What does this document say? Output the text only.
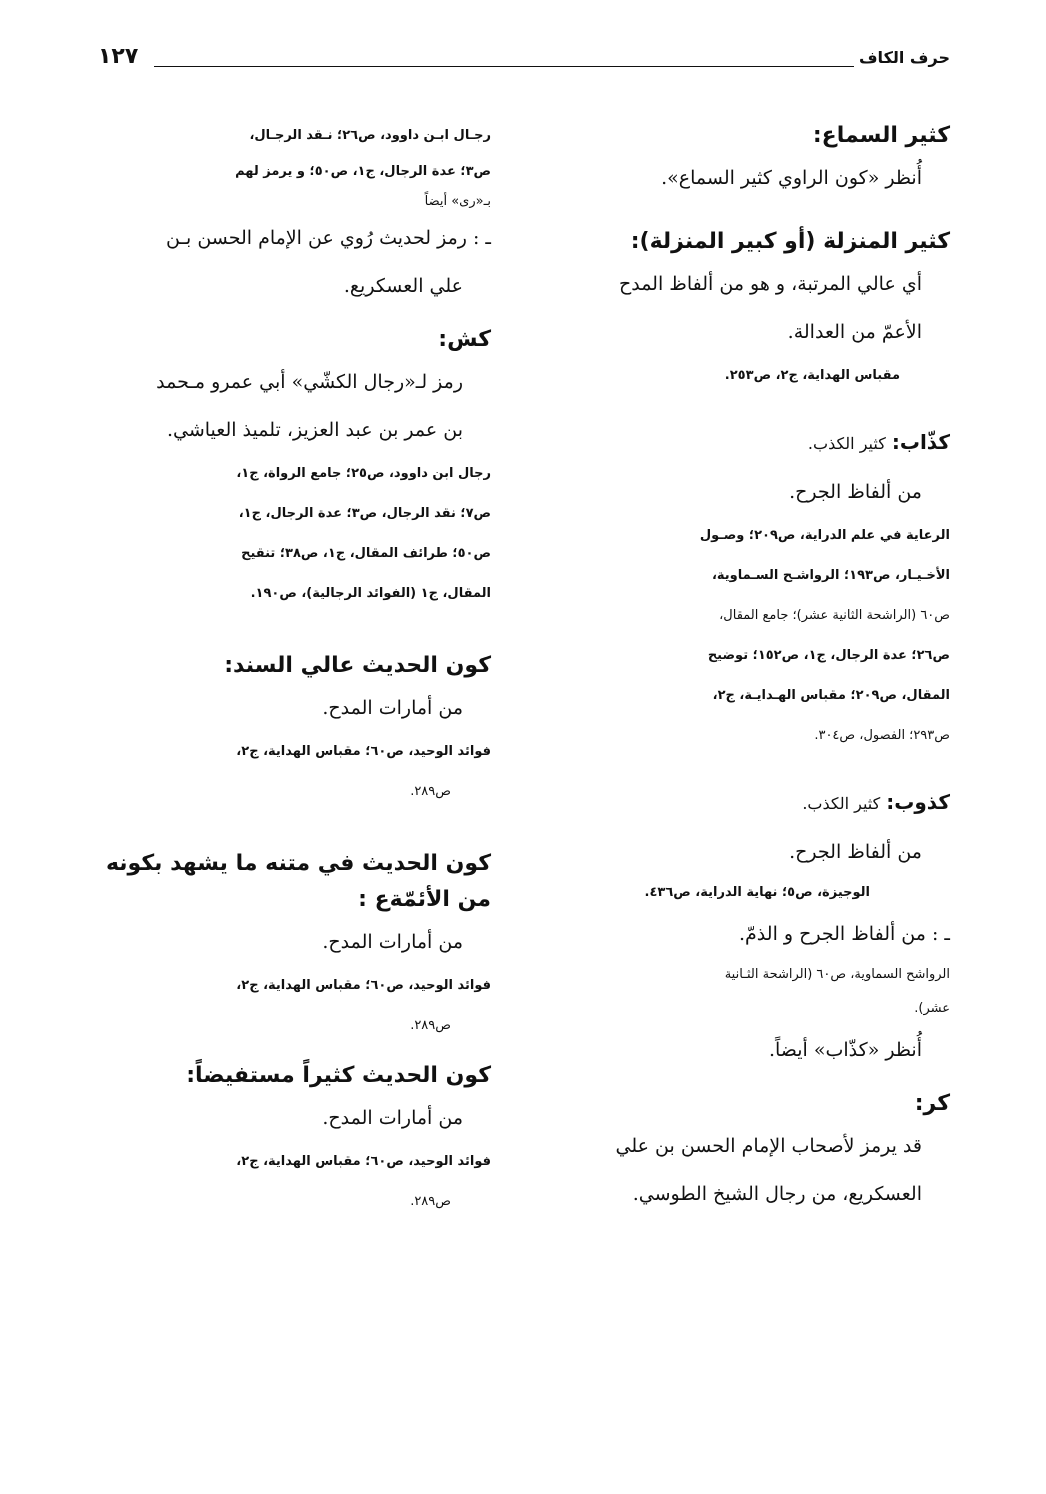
حرف الكاف
١٢٧

كثير السماع:

أُنظر «كون الراوي كثير السماع».

كثير المنزلة (أو كبير المنزلة):

أي عالي المرتبة، و هو من ألفاظ المدح

الأعمّ من العدالة.

مقباس الهداية، ج٢، ص٢٥٣.

كذّاب: كثير الكذب.

من ألفاظ الجرح.

الرعاية في علم الدراية، ص٢٠٩؛ وصـول

الأخـيـار، ص١٩٣؛ الرواشـح السـماوية،

ص٦٠ (الراشحة الثانية عشر)؛ جامع المقال،

ص٢٦؛ عدة الرجال، ج١، ص١٥٢؛ توضيح

المقال، ص٢٠٩؛ مقباس الهـدايـة، ج٢،

ص٢٩٣؛ الفصول، ص٣٠٤.

كذوب: كثير الكذب.

من ألفاظ الجرح.

الوجيزة، ص٥؛ نهاية الدراية، ص٤٣٦.

ـ : من ألفاظ الجرح و الذمّ.

الرواشح السماوية، ص٦٠ (الراشحة الثـانية

عشر).

أُنظر «كذّاب» أيضاً.

كر:

قد يرمز لأصحاب الإمام الحسن بن علي

العسكريع، من رجال الشيخ الطوسي.

رجـال ابـن داوود، ص٢٦؛ نـقد الرجـال،

ص٣؛ عدة الرجال، ج١، ص٥٠؛ و يرمز لهم

بـ«رى» أيضاً

ـ : رمز لحديث رُوي عن الإمام الحسن بـن

علي العسكريع.

كش:

رمز لـ«رجال الكشّي» أبي عمرو مـحمد

بن عمر بن عبد العزيز، تلميذ العياشي.

رجال ابن داوود، ص٢٥؛ جامع الرواة، ج١،

ص٧؛ نقد الرجال، ص٣؛ عدة الرجال، ج١،

ص٥٠؛ طرائف المقال، ج١، ص٣٨؛ تنقيح

المقال، ج١ (الفوائد الرجالية)، ص١٩٠.

كون الحديث عالي السند:

من أمارات المدح.

فوائد الوحيد، ص٦٠؛ مقباس الهداية، ج٢،

ص٢٨٩.

كون الحديث في متنه ما يشهد بكونه

من الأئمّةع :

من أمارات المدح.

فوائد الوحيد، ص٦٠؛ مقباس الهداية، ج٢،

ص٢٨٩.

كون الحديث كثيراً مستفيضاً:

من أمارات المدح.

فوائد الوحيد، ص٦٠؛ مقباس الهداية، ج٢،

ص٢٨٩.
